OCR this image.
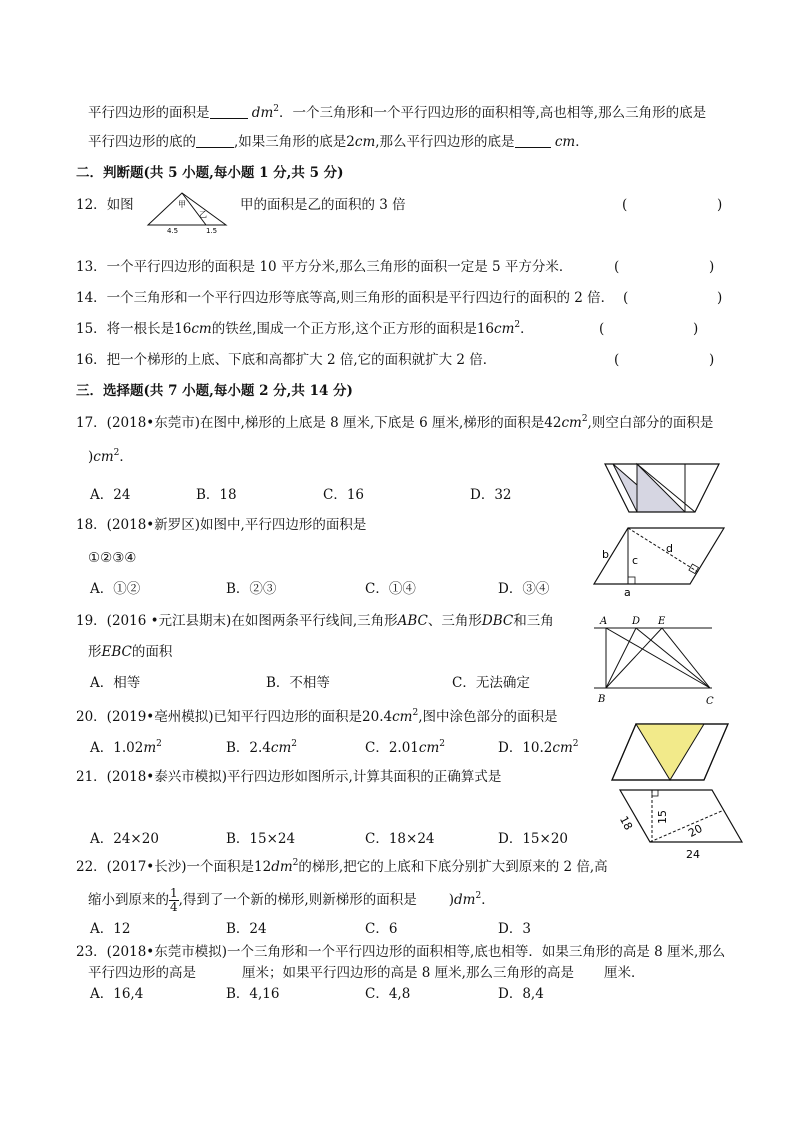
平行四边形的面积是	$dm^2$．一个三角形和一个平行四边形的面积相等,高也相等,那么三角形的底是
平行四边形的底的	,如果三角形的底是2cm,那么平行四边形的底是	cm．
二．判断题(共 5 小题,每小题 1 分,共 5 分)
12．如图	甲
乙
4.5	1.5
甲的面积是乙的面积的 3 倍	(	)
13．一个平行四边形的面积是 10 平方分米,那么三角形的面积一定是 5 平方分米．	(	)
14．一个三角形和一个平行四边形等底等高,则三角形的面积是平行四边行的面积的 2 倍． (	)
15．将一根长是16cm的铁丝,围成一个正方形,这个正方形的面积是$16cm^2$．	(	)
16．把一个梯形的上底、下底和高都扩大 2 倍,它的面积就扩大 2 倍．	(	)
三．选择题(共 7 小题,每小题 2 分,共 14 分)
17．(2018•东莞市)在图中,梯形的上底是 8 厘米,下底是 6 厘米,梯形的面积是$42cm^2$,则空白部分的面积是
)$cm^2$．
A．24	B．18	C．16	D．32
18．(2018•新罗区)如图中,平行四边形的面积是
①②③④
A．①②	B．②③	C．①④	D．③④
b c
d
a
19．(2016 •元江县期末)在如图两条平行线间,三角形ABC、三角形DBC和三角
形EBC的面积
A．相等	B．不相等	C．无法确定
A D E
B	C
20．(2019•亳州模拟)已知平行四边形的面积是$20.4cm^2$,图中涂色部分的面积是
A．$1.02m^2$	B．$2.4cm^2$	C．$2.01cm^2$	D．$10.2cm^2$
21．(2018•泰兴市模拟)平行四边形如图所示,计算其面积的正确算式是
A．24×20	B．15×24	C．18×24	D．15×20
15
18	20
24
22．(2017•长沙)一个面积是$12dm^2$的梯形,把它的上底和下底分别扩大到原来的 2 倍,高
缩小到原来的 $\frac{1}{4}$ ,得到了一个新的梯形,则新梯形的面积是 )$dm^2$．
A．12	B．24	C．6	D．3
23．(2018•东莞市模拟)一个三角形和一个平行四边形的面积相等,底也相等．如果三角形的高是 8 厘米,那么
平行四边形的高是	厘米；如果平行四边形的高是 8 厘米,那么三角形的高是 厘米．
A．16,4	B．4,16	C．4,8	D．8,4
